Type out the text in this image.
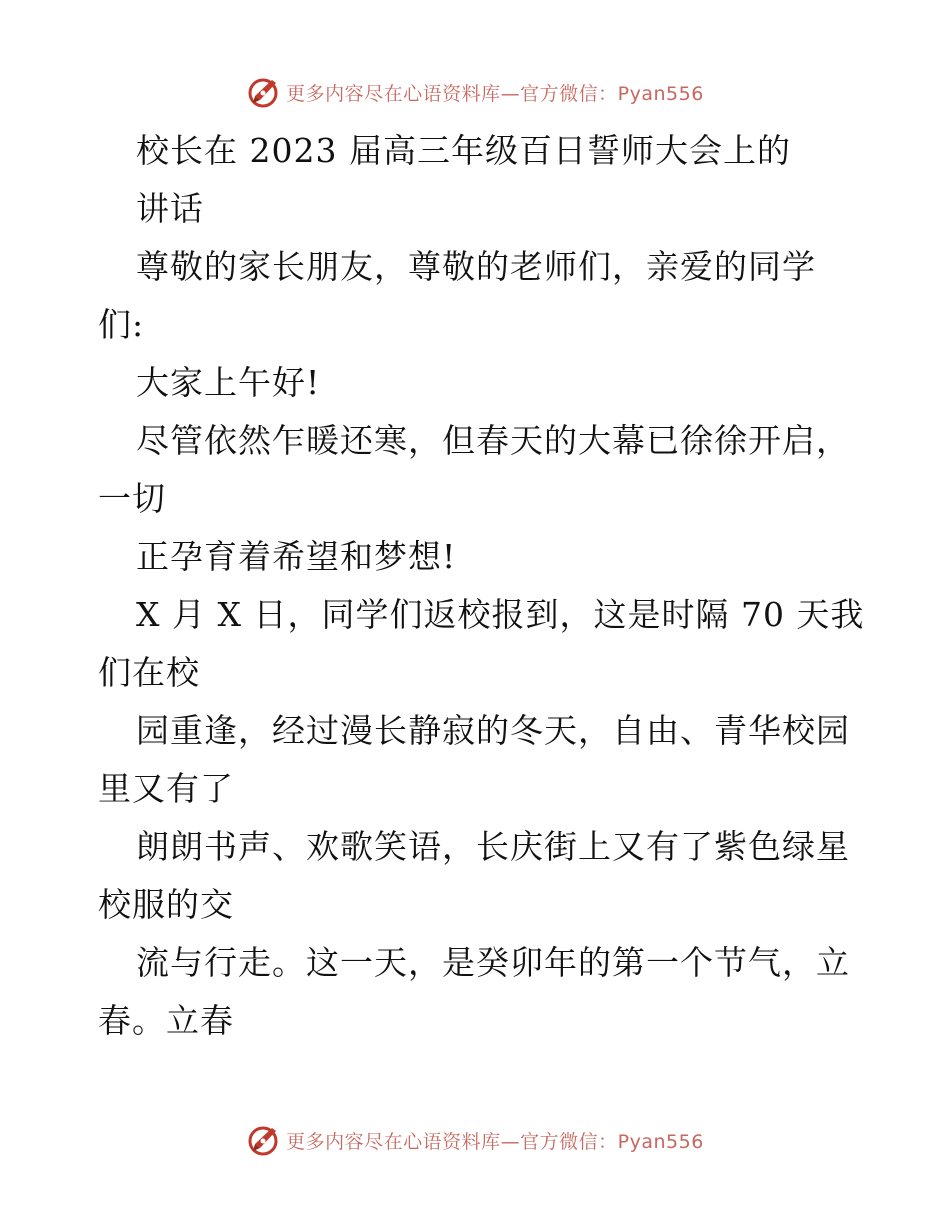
更多内容尽在心语资料库—官方微信：Pyan556
校长在 2023 届高三年级百日誓师大会上的
讲话
尊敬的家长朋友，尊敬的老师们，亲爱的同学
们:
大家上午好!
尽管依然乍暖还寒，但春天的大幕已徐徐开启，
一切
正孕育着希望和梦想!
X 月 X 日，同学们返校报到，这是时隔 70 天我
们在校
园重逢，经过漫长静寂的冬天，自由、青华校园
里又有了
朗朗书声、欢歌笑语，长庆街上又有了紫色绿星
校服的交
流与行走。这一天，是癸卯年的第一个节气，立
春。立春
更多内容尽在心语资料库—官方微信：Pyan556
